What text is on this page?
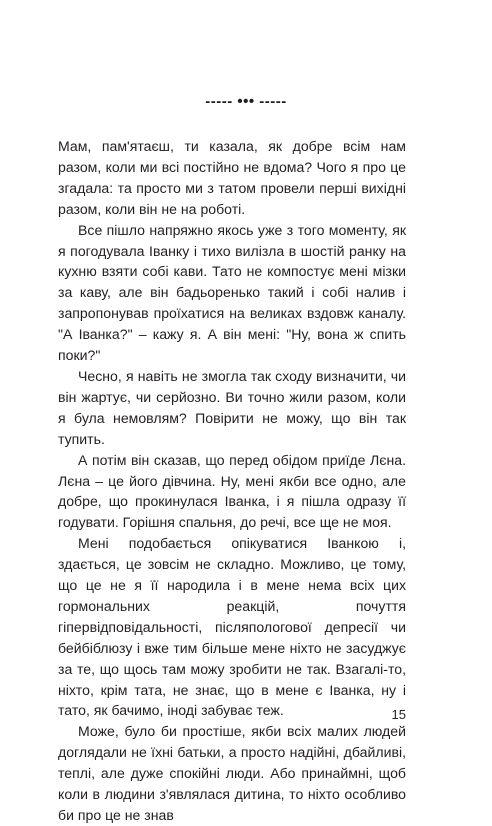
----- ••• -----

Мам, пам'ятаєш, ти казала, як добре всім нам разом, коли ми всі постійно не вдома? Чого я про це згадала: та просто ми з татом провели перші вихідні разом, коли він не на роботі.

Все пішло напряжно якось уже з того моменту, як я погодувала Іванку і тихо вилізла в шостій ранку на кухню взяти собі кави. Тато не компостує мені мізки за каву, але він бадьоренько такий і собі налив і запропонував проїхатися на великах вздовж каналу. "А Іванка?" – кажу я. А він мені: "Ну, вона ж спить поки?"

Чесно, я навіть не змогла так сходу визначити, чи він жартує, чи серйозно. Ви точно жили разом, коли я була немовлям? Повірити не можу, що він так тупить.

А потім він сказав, що перед обідом приїде Лєна. Лєна – це його дівчина. Ну, мені якби все одно, але добре, що прокинулася Іванка, і я пішла одразу її годувати. Горішня спальня, до речі, все ще не моя.

Мені подобається опікуватися Іванкою і, здається, це зовсім не складно. Можливо, це тому, що це не я її народила і в мене нема всіх цих гормональних реакцій, почуття гіпервідповідальності, післяпологової депресії чи бейбіблюзу і вже тим більше мене ніхто не засуджує за те, що щось там можу зробити не так. Взагалі-то, ніхто, крім тата, не знає, що в мене є Іванка, ну і тато, як бачимо, іноді забуває теж.

Може, було би простіше, якби всіх малих людей доглядали не їхні батьки, а просто надійні, дбайливі, теплі, але дуже спокійні люди. Або принаймні, щоб коли в людини з'являлася дитина, то ніхто особливо би про це не знав

15
